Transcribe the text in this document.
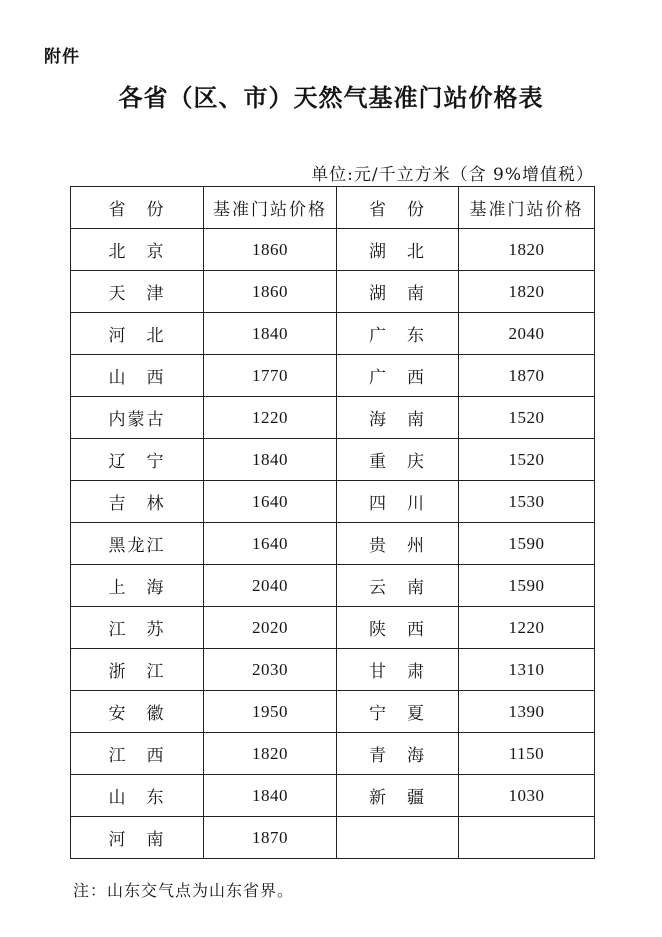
附件
各省（区、市）天然气基准门站价格表
单位:元/千立方米（含 9%增值税）
省　份	基准门站价格	省　份	基准门站价格
北　京	1860	湖　北	1820
天　津	1860	湖　南	1820
河　北	1840	广　东	2040
山　西	1770	广　西	1870
内蒙古	1220	海　南	1520
辽　宁	1840	重　庆	1520
吉　林	1640	四　川	1530
黑龙江	1640	贵　州	1590
上　海	2040	云　南	1590
江　苏	2020	陕　西	1220
浙　江	2030	甘　肃	1310
安　徽	1950	宁　夏	1390
江　西	1820	青　海	1150
山　东	1840	新　疆	1030
河　南	1870		
注：山东交气点为山东省界。
